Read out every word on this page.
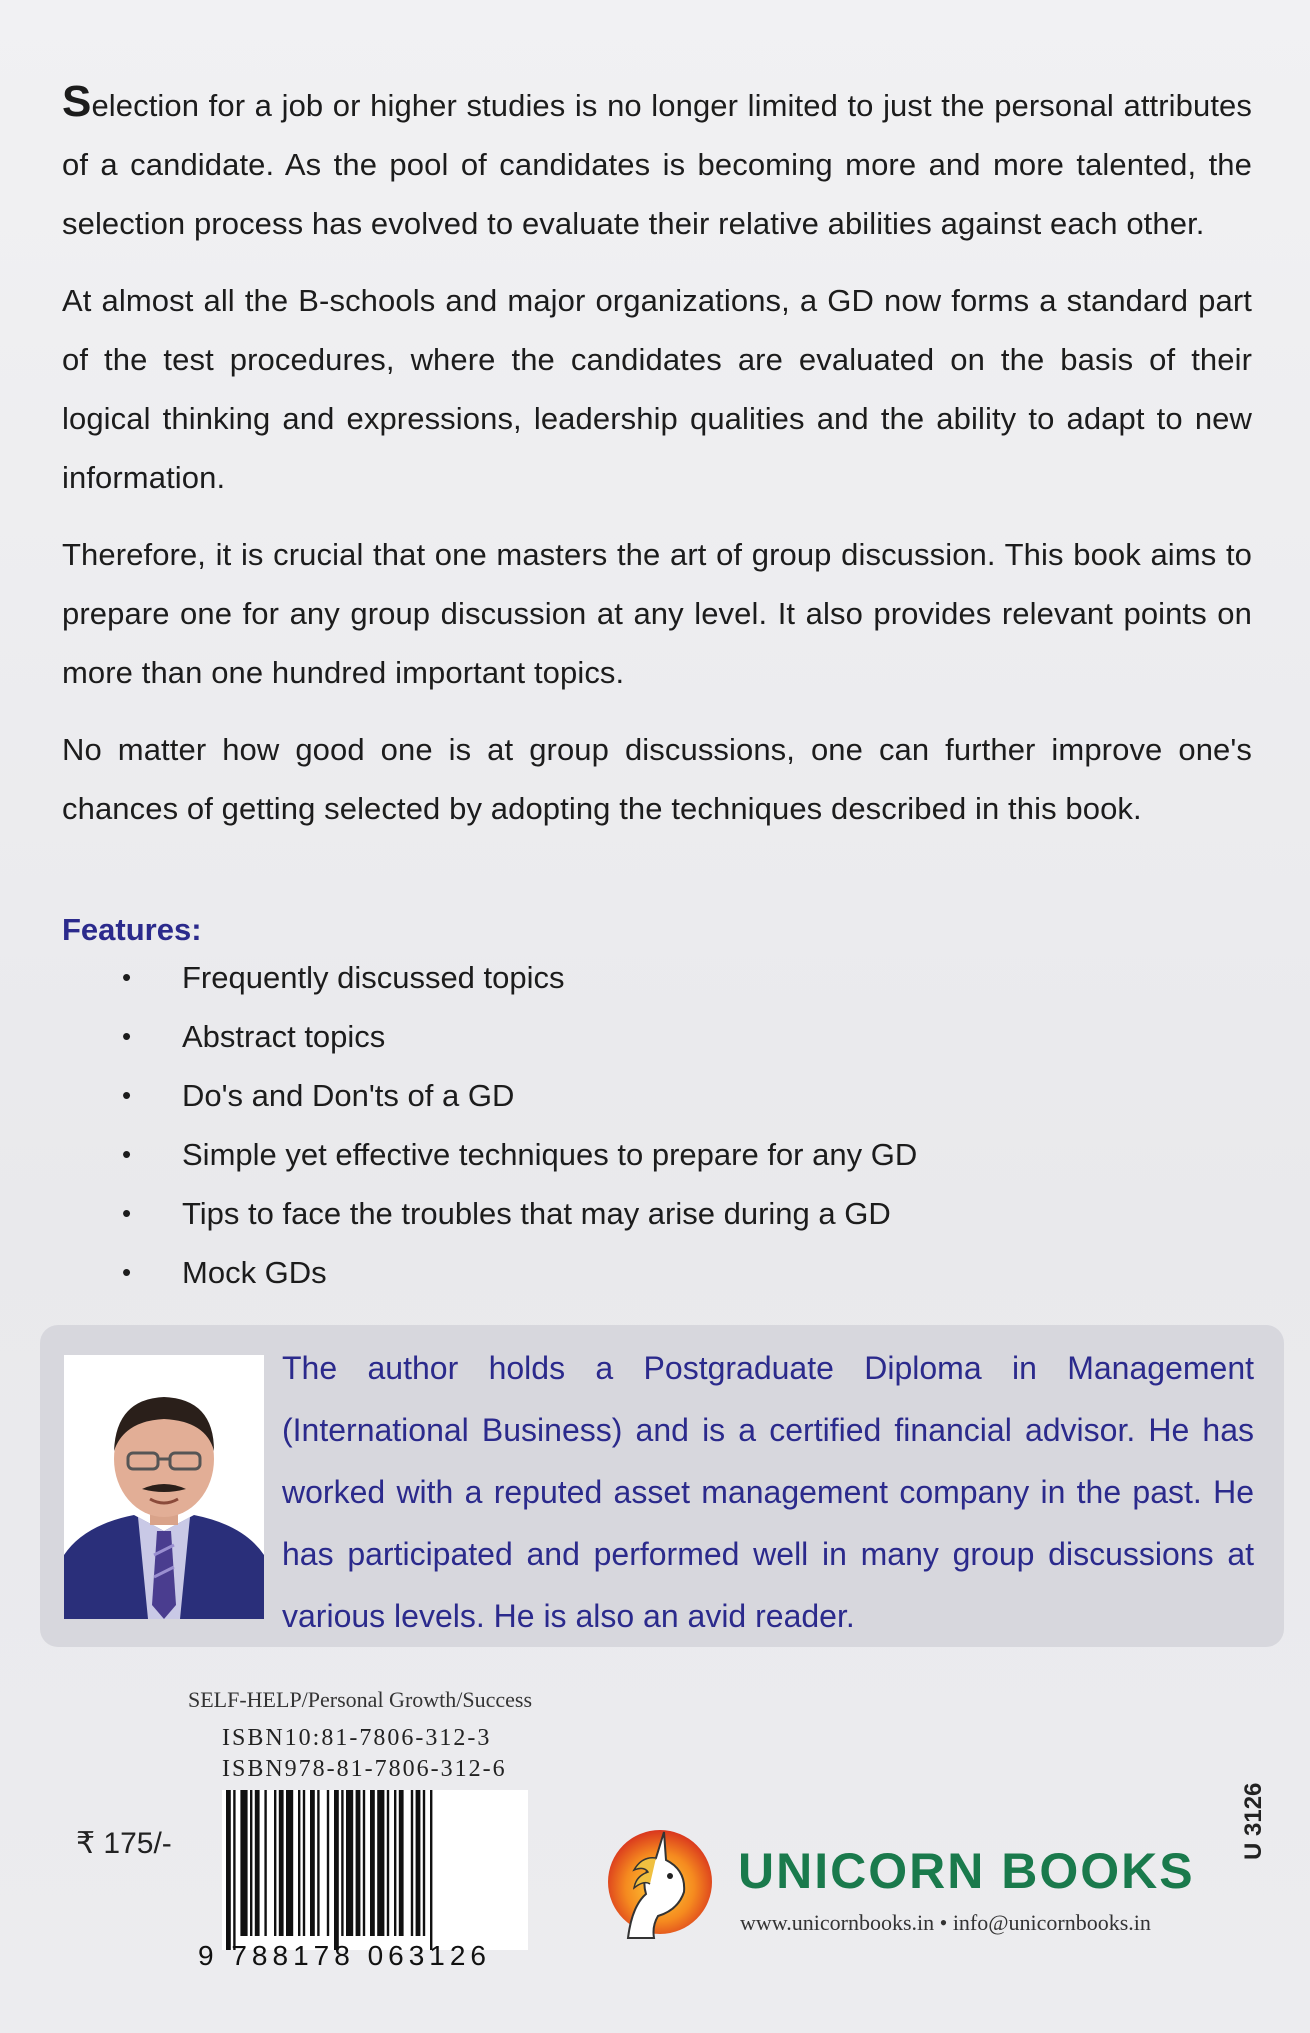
Selection for a job or higher studies is no longer limited to just the personal attributes of a candidate. As the pool of candidates is becoming more and more talented, the selection process has evolved to evaluate their relative abilities against each other.

At almost all the B-schools and major organizations, a GD now forms a standard part of the test procedures, where the candidates are evaluated on the basis of their logical thinking and expressions, leadership qualities and the ability to adapt to new information.

Therefore, it is crucial that one masters the art of group discussion. This book aims to prepare one for any group discussion at any level. It also provides relevant points on more than one hundred important topics.

No matter how good one is at group discussions, one can further improve one's chances of getting selected by adopting the techniques described in this book.

Features:
• Frequently discussed topics
• Abstract topics
• Do's and Don'ts of a GD
• Simple yet effective techniques to prepare for any GD
• Tips to face the troubles that may arise during a GD
• Mock GDs

The author holds a Postgraduate Diploma in Management (International Business) and is a certified financial advisor. He has worked with a reputed asset management company in the past. He has participated and performed well in many group discussions at various levels. He is also an avid reader.

SELF-HELP/Personal Growth/Success
ISBN10:81-7806-312-3
ISBN978-81-7806-312-6
₹ 175/-
9 788178 063126
UNICORN BOOKS
www.unicornbooks.in • info@unicornbooks.in
U 3126
